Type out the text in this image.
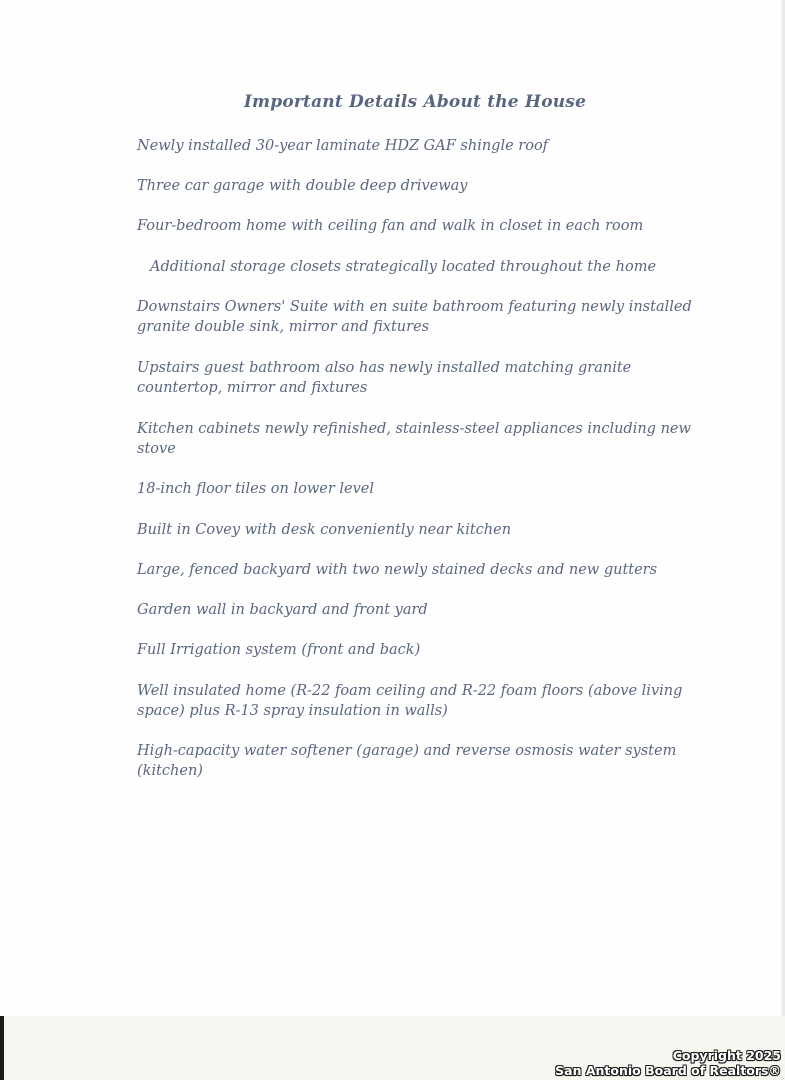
Important Details About the House

Newly installed 30-year laminate HDZ GAF shingle roof

Three car garage with double deep driveway

Four-bedroom home with ceiling fan and walk in closet in each room

Additional storage closets strategically located throughout the home

Downstairs Owners' Suite with en suite bathroom featuring newly installed granite double sink, mirror and fixtures

Upstairs guest bathroom also has newly installed matching granite countertop, mirror and fixtures

Kitchen cabinets newly refinished, stainless-steel appliances including new stove

18-inch floor tiles on lower level

Built in Covey with desk conveniently near kitchen

Large, fenced backyard with two newly stained decks and new gutters

Garden wall in backyard and front yard

Full Irrigation system (front and back)

Well insulated home (R-22 foam ceiling and R-22 foam floors (above living space) plus R-13 spray insulation in walls)

High-capacity water softener (garage) and reverse osmosis water system (kitchen)

Copyright 2025
San Antonio Board of Realtors®
